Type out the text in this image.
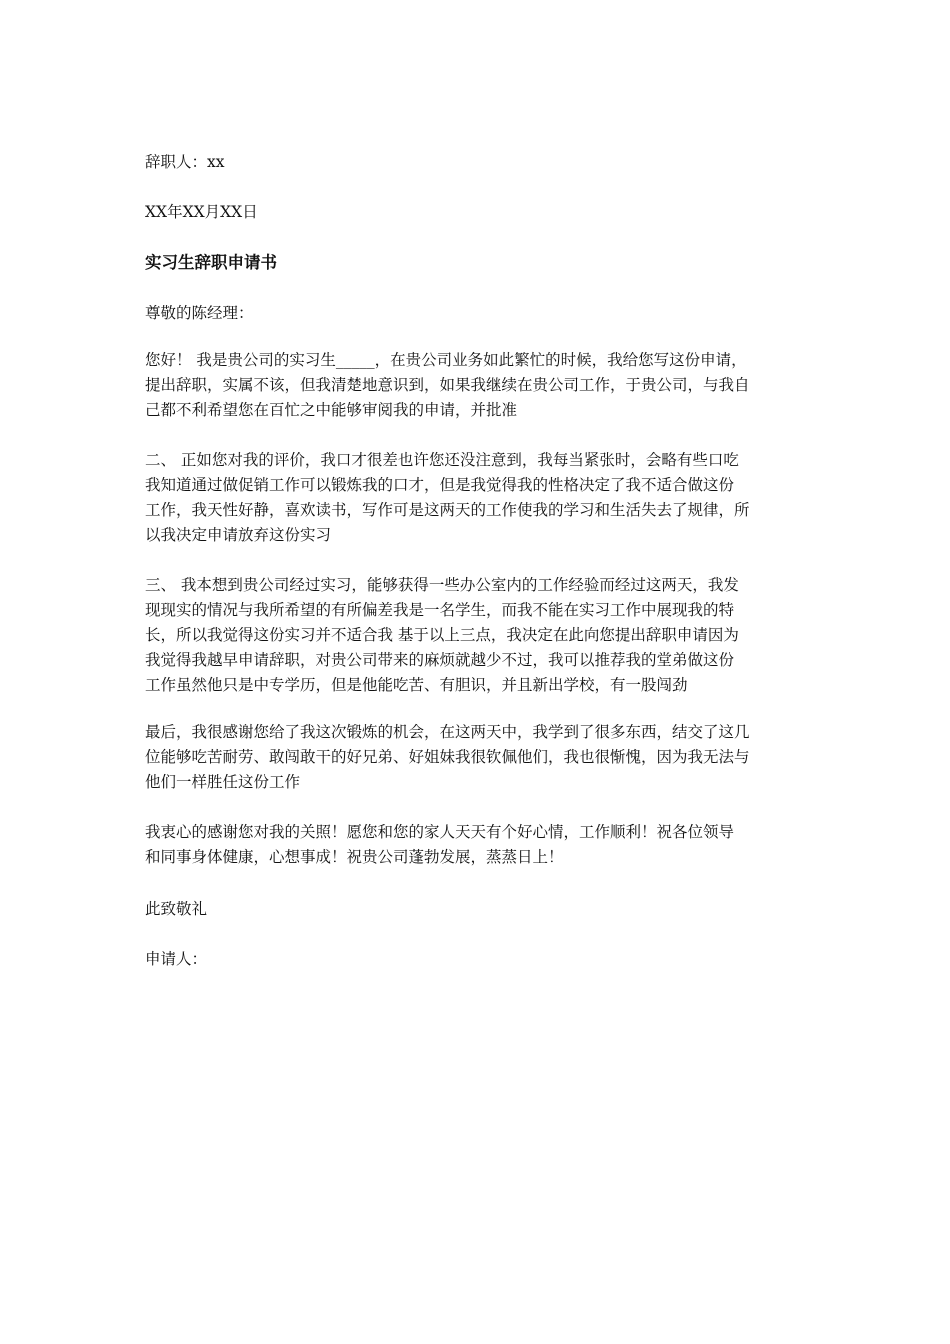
辞职人：xx

XX年XX月XX日

实习生辞职申请书

尊敬的陈经理：

您好！ 我是贵公司的实习生_____，在贵公司业务如此繁忙的时候，我给您写这份申请，
提出辞职，实属不该，但我清楚地意识到，如果我继续在贵公司工作，于贵公司，与我自
己都不利希望您在百忙之中能够审阅我的申请，并批准
二、 正如您对我的评价，我口才很差也许您还没注意到，我每当紧张时，会略有些口吃
我知道通过做促销工作可以锻炼我的口才，但是我觉得我的性格决定了我不适合做这份
工作，我天性好静，喜欢读书，写作可是这两天的工作使我的学习和生活失去了规律，所
以我决定申请放弃这份实习
三、 我本想到贵公司经过实习，能够获得一些办公室内的工作经验而经过这两天，我发
现现实的情况与我所希望的有所偏差我是一名学生，而我不能在实习工作中展现我的特
长，所以我觉得这份实习并不适合我 基于以上三点，我决定在此向您提出辞职申请因为
我觉得我越早申请辞职，对贵公司带来的麻烦就越少不过，我可以推荐我的堂弟做这份
工作虽然他只是中专学历，但是他能吃苦、有胆识，并且新出学校，有一股闯劲
最后，我很感谢您给了我这次锻炼的机会，在这两天中，我学到了很多东西，结交了这几
位能够吃苦耐劳、敢闯敢干的好兄弟、好姐妹我很钦佩他们，我也很惭愧，因为我无法与
他们一样胜任这份工作
我衷心的感谢您对我的关照！愿您和您的家人天天有个好心情，工作顺利！祝各位领导
和同事身体健康，心想事成！祝贵公司蓬勃发展，蒸蒸日上！

此致敬礼

申请人：
